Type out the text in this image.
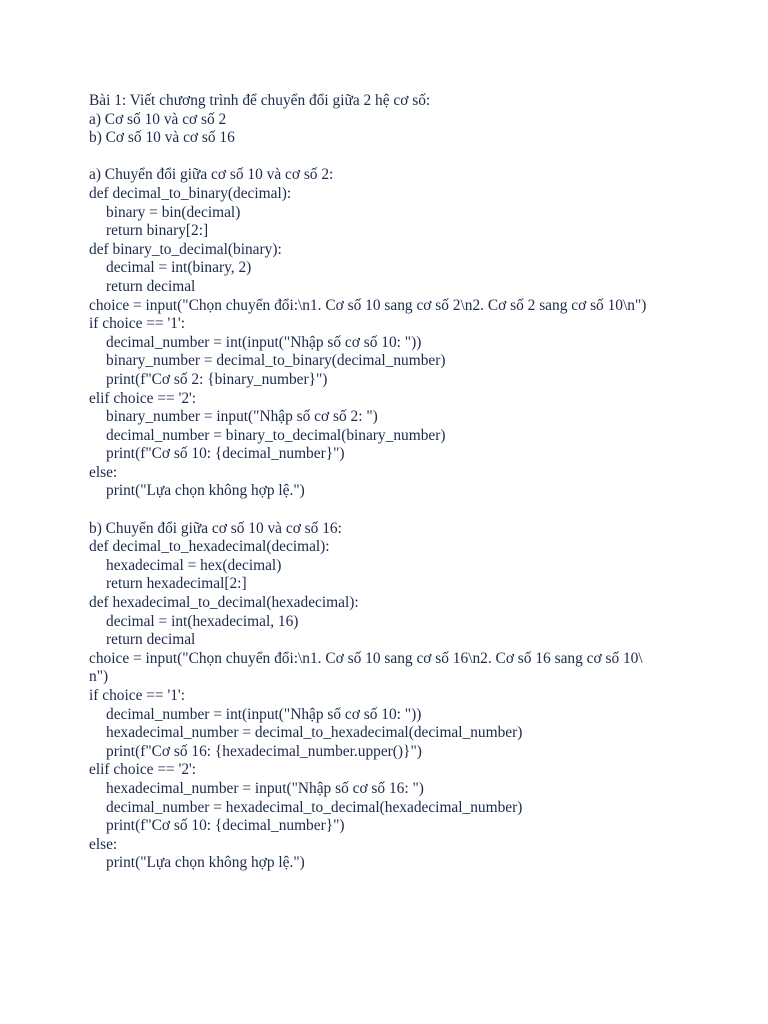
Bài 1: Viết chương trình để chuyển đổi giữa 2 hệ cơ số:
a) Cơ số 10 và cơ số 2
b) Cơ số 10 và cơ số 16
a) Chuyển đổi giữa cơ số 10 và cơ số 2:
def decimal_to_binary(decimal):
binary = bin(decimal)
return binary[2:]
def binary_to_decimal(binary):
decimal = int(binary, 2)
return decimal
choice = input("Chọn chuyển đổi:\n1. Cơ số 10 sang cơ số 2\n2. Cơ số 2 sang cơ số 10\n")
if choice == '1':
decimal_number = int(input("Nhập số cơ số 10: "))
binary_number = decimal_to_binary(decimal_number)
print(f"Cơ số 2: {binary_number}")
elif choice == '2':
binary_number = input("Nhập số cơ số 2: ")
decimal_number = binary_to_decimal(binary_number)
print(f"Cơ số 10: {decimal_number}")
else:
print("Lựa chọn không hợp lệ.")
b) Chuyển đổi giữa cơ số 10 và cơ số 16:
def decimal_to_hexadecimal(decimal):
hexadecimal = hex(decimal)
return hexadecimal[2:]
def hexadecimal_to_decimal(hexadecimal):
decimal = int(hexadecimal, 16)
return decimal
choice = input("Chọn chuyển đổi:\n1. Cơ số 10 sang cơ số 16\n2. Cơ số 16 sang cơ số 10\
n")
if choice == '1':
decimal_number = int(input("Nhập số cơ số 10: "))
hexadecimal_number = decimal_to_hexadecimal(decimal_number)
print(f"Cơ số 16: {hexadecimal_number.upper()}")
elif choice == '2':
hexadecimal_number = input("Nhập số cơ số 16: ")
decimal_number = hexadecimal_to_decimal(hexadecimal_number)
print(f"Cơ số 10: {decimal_number}")
else:
print("Lựa chọn không hợp lệ.")
